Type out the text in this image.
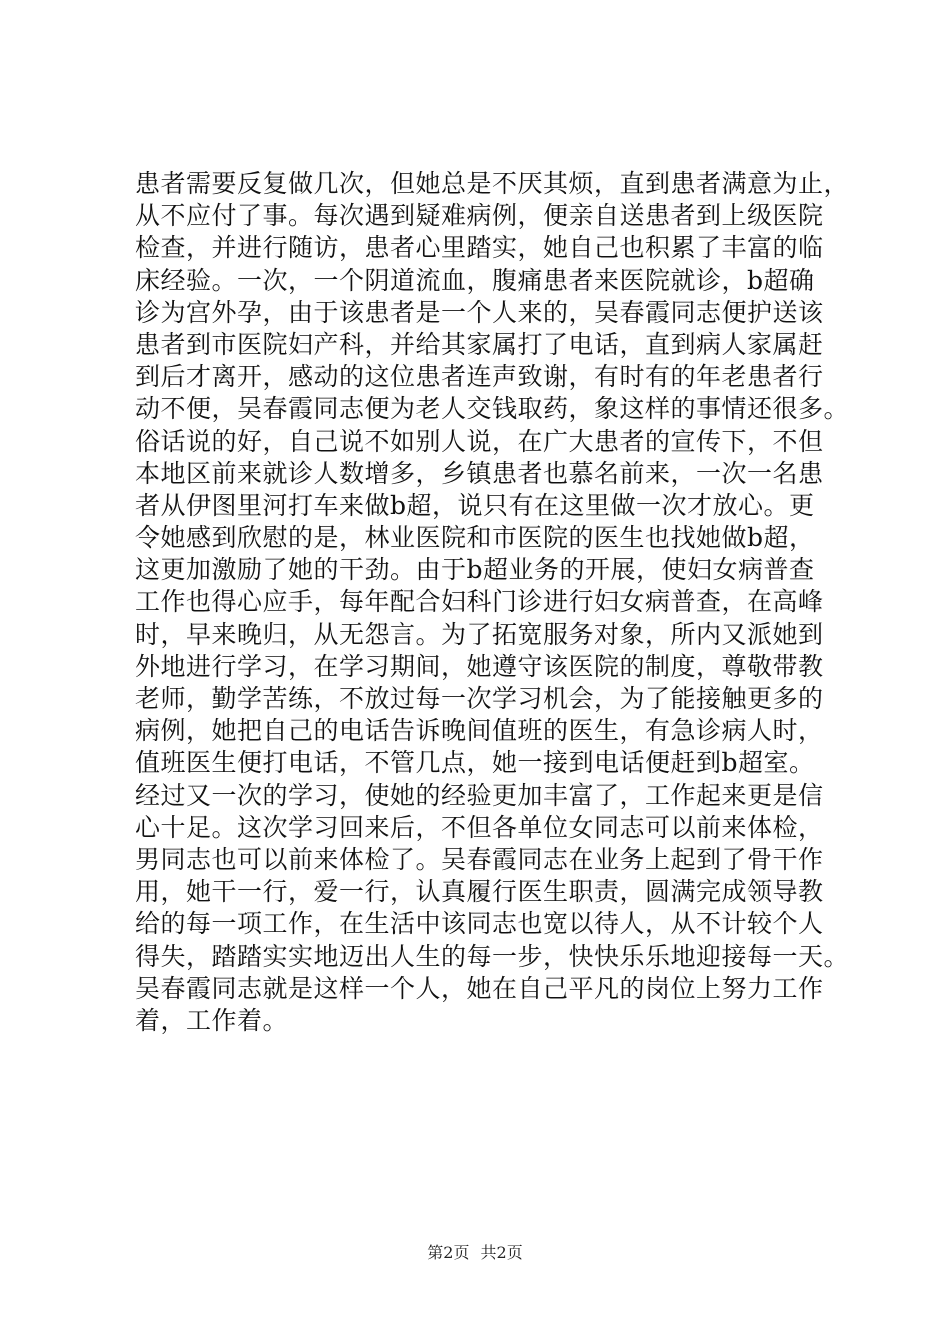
患者需要反复做几次，但她总是不厌其烦，直到患者满意为止，
从不应付了事。每次遇到疑难病例，便亲自送患者到上级医院
检查，并进行随访，患者心里踏实，她自己也积累了丰富的临
床经验。一次，一个阴道流血，腹痛患者来医院就诊，b超确
诊为宫外孕，由于该患者是一个人来的，吴春霞同志便护送该
患者到市医院妇产科，并给其家属打了电话，直到病人家属赶
到后才离开，感动的这位患者连声致谢，有时有的年老患者行
动不便，吴春霞同志便为老人交钱取药，象这样的事情还很多。
俗话说的好，自己说不如别人说，在广大患者的宣传下，不但
本地区前来就诊人数增多，乡镇患者也慕名前来，一次一名患
者从伊图里河打车来做b超，说只有在这里做一次才放心。更
令她感到欣慰的是，林业医院和市医院的医生也找她做b超，
这更加激励了她的干劲。由于b超业务的开展，使妇女病普查
工作也得心应手，每年配合妇科门诊进行妇女病普查，在高峰
时，早来晚归，从无怨言。为了拓宽服务对象，所内又派她到
外地进行学习，在学习期间，她遵守该医院的制度，尊敬带教
老师，勤学苦练，不放过每一次学习机会，为了能接触更多的
病例，她把自己的电话告诉晚间值班的医生，有急诊病人时，
值班医生便打电话，不管几点，她一接到电话便赶到b超室。
经过又一次的学习，使她的经验更加丰富了，工作起来更是信
心十足。这次学习回来后，不但各单位女同志可以前来体检，
男同志也可以前来体检了。吴春霞同志在业务上起到了骨干作
用，她干一行，爱一行，认真履行医生职责，圆满完成领导教
给的每一项工作，在生活中该同志也宽以待人，从不计较个人
得失，踏踏实实地迈出人生的每一步，快快乐乐地迎接每一天。
吴春霞同志就是这样一个人，她在自己平凡的岗位上努力工作
着，工作着。
第2页 共2页
